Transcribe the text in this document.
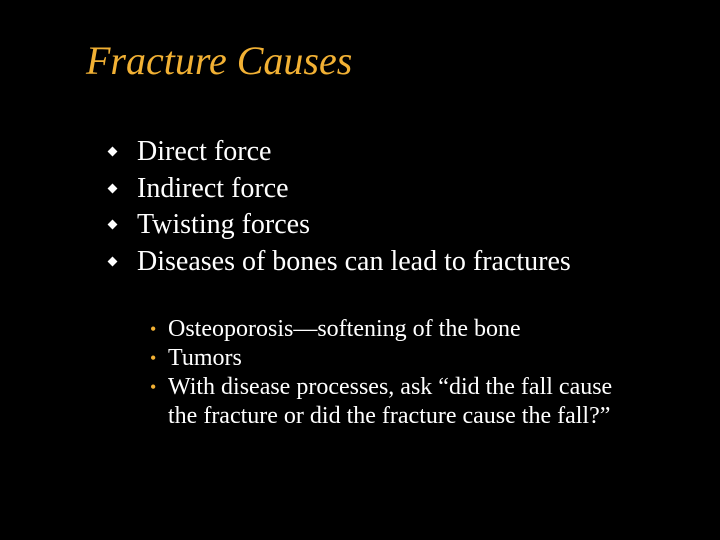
Fracture Causes
Direct force
Indirect force
Twisting forces
Diseases of bones can lead to fractures
• Osteoporosis—softening of the bone
• Tumors
• With disease processes, ask “did the fall cause
the fracture or did the fracture cause the fall?”
